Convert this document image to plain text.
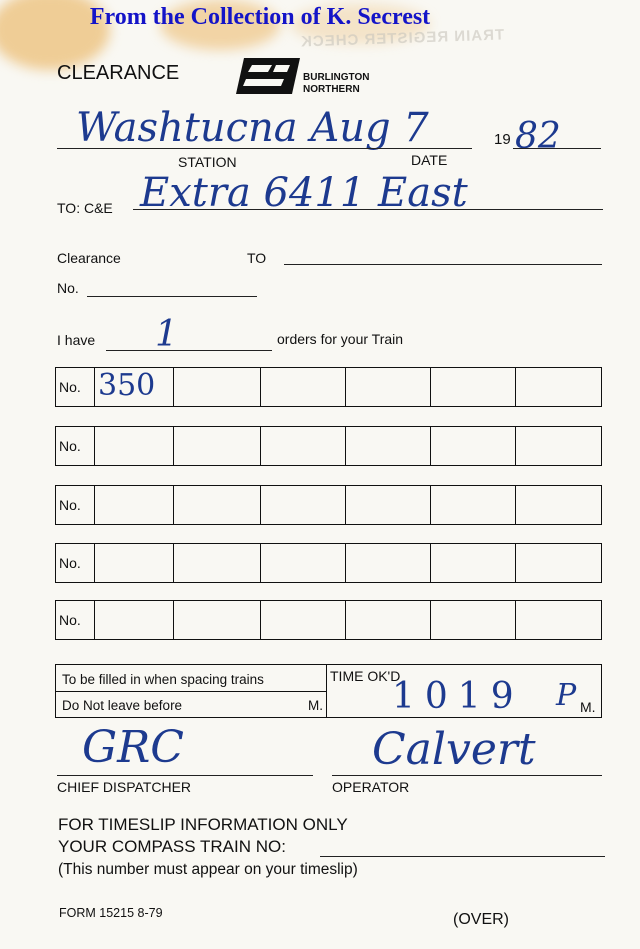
TRAIN REGISTER CHECK
From the Collection of K. Secrest
CLEARANCE	BURLINGTON
NORTHERN
Washtucna Aug 7
STATION	DATE
19 82
TO: C&E Extra 6411 East
Clearance	TO
No.
I have 1	orders for your Train
No. 350
No.
No.
No.
No.
To be filled in when spacing trains
Do Not leave before	M.
TIME OK'D
1019 P M.
GRC
CHIEF DISPATCHER
Calvert
OPERATOR
FOR TIMESLIP INFORMATION ONLY
YOUR COMPASS TRAIN NO:
(This number must appear on your timeslip)
FORM 15215 8-79	(OVER)
